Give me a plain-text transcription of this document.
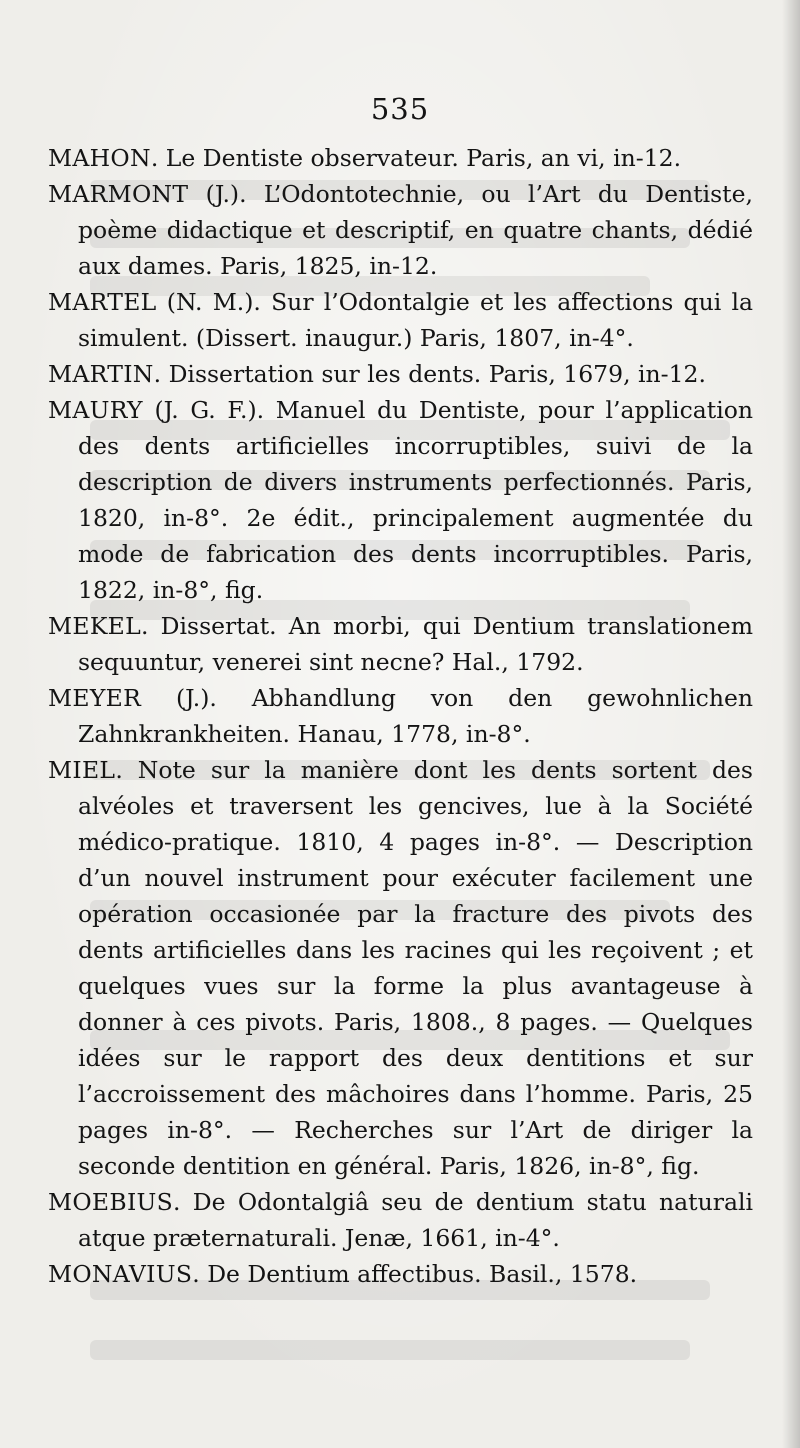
535

MAHON. Le Dentiste observateur. Paris, an vi, in-12.

MARMONT (J.). L’Odontotechnie, ou l’Art du Dentiste, poème didactique et descriptif, en quatre chants, dédié aux dames. Paris, 1825, in-12.

MARTEL (N. M.). Sur l’Odontalgie et les affections qui la simulent. (Dissert. inaugur.) Paris, 1807, in-4°.

MARTIN. Dissertation sur les dents. Paris, 1679, in-12.

MAURY (J. G. F.). Manuel du Dentiste, pour l’application des dents artificielles incorruptibles, suivi de la description de divers instruments perfectionnés. Paris, 1820, in-8°. 2e édit., principalement augmentée du mode de fabrication des dents incorruptibles. Paris, 1822, in-8°, fig.

MEKEL. Dissertat. An morbi, qui Dentium translationem sequuntur, venerei sint necne? Hal., 1792.

MEYER (J.). Abhandlung von den gewohnlichen Zahnkrankheiten. Hanau, 1778, in-8°.

MIEL. Note sur la manière dont les dents sortent des alvéoles et traversent les gencives, lue à la Société médico-pratique. 1810, 4 pages in-8°. — Description d’un nouvel instrument pour exécuter facilement une opération occasionée par la fracture des pivots des dents artificielles dans les racines qui les reçoivent ; et quelques vues sur la forme la plus avantageuse à donner à ces pivots. Paris, 1808., 8 pages. — Quelques idées sur le rapport des deux dentitions et sur l’accroissement des mâchoires dans l’homme. Paris, 25 pages in-8°. — Recherches sur l’Art de diriger la seconde dentition en général. Paris, 1826, in-8°, fig.

MOEBIUS. De Odontalgiâ seu de dentium statu naturali atque præternaturali. Jenæ, 1661, in-4°.

MONAVIUS. De Dentium affectibus. Basil., 1578.
